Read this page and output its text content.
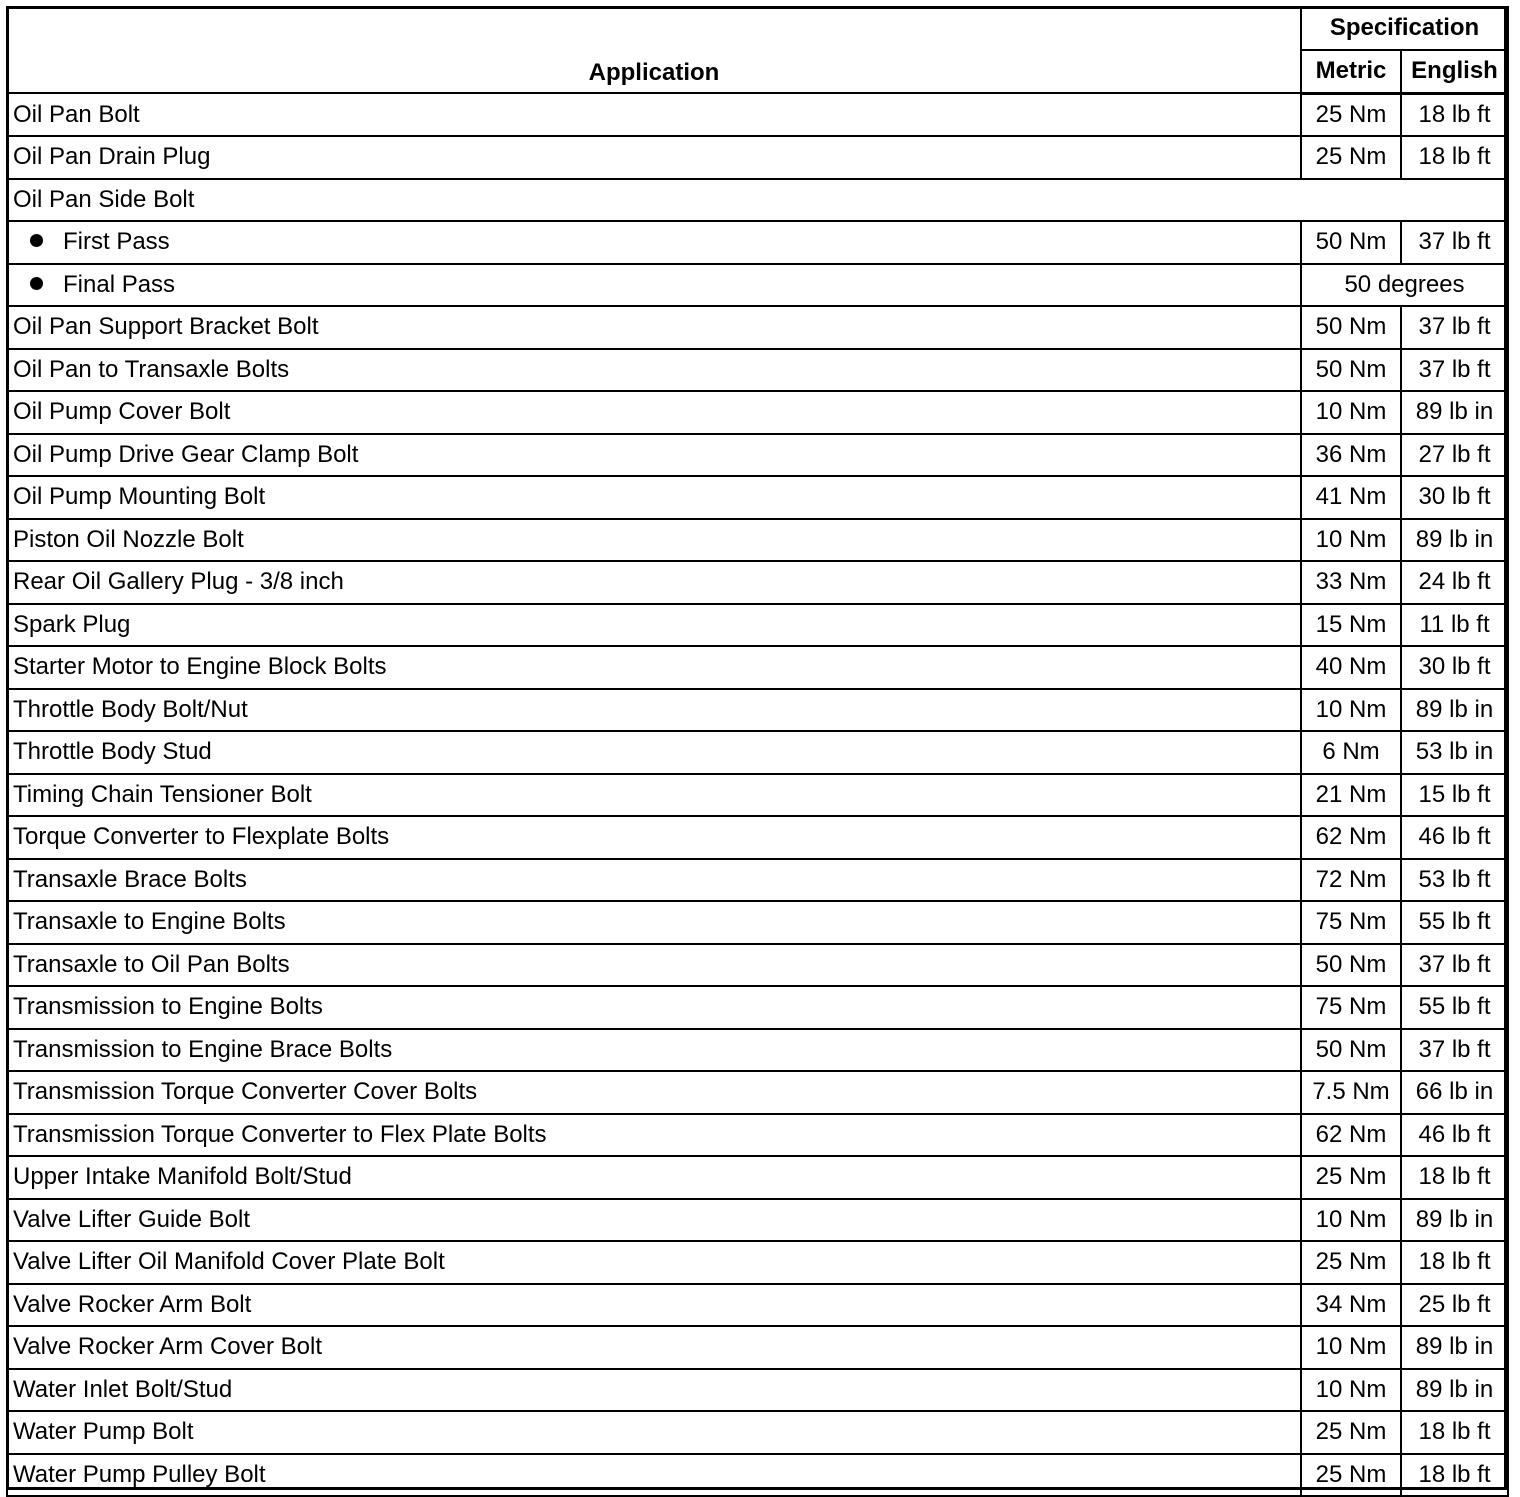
Application	Specification	
	Metric	English
Oil Pan Bolt	25 Nm	18 lb ft
Oil Pan Drain Plug	25 Nm	18 lb ft
Oil Pan Side Bolt		
First Pass	50 Nm	37 lb ft
Final Pass	50 degrees	
Oil Pan Support Bracket Bolt	50 Nm	37 lb ft
Oil Pan to Transaxle Bolts	50 Nm	37 lb ft
Oil Pump Cover Bolt	10 Nm	89 lb in
Oil Pump Drive Gear Clamp Bolt	36 Nm	27 lb ft
Oil Pump Mounting Bolt	41 Nm	30 lb ft
Piston Oil Nozzle Bolt	10 Nm	89 lb in
Rear Oil Gallery Plug - 3/8 inch	33 Nm	24 lb ft
Spark Plug	15 Nm	11 lb ft
Starter Motor to Engine Block Bolts	40 Nm	30 lb ft
Throttle Body Bolt/Nut	10 Nm	89 lb in
Throttle Body Stud	6 Nm	53 lb in
Timing Chain Tensioner Bolt	21 Nm	15 lb ft
Torque Converter to Flexplate Bolts	62 Nm	46 lb ft
Transaxle Brace Bolts	72 Nm	53 lb ft
Transaxle to Engine Bolts	75 Nm	55 lb ft
Transaxle to Oil Pan Bolts	50 Nm	37 lb ft
Transmission to Engine Bolts	75 Nm	55 lb ft
Transmission to Engine Brace Bolts	50 Nm	37 lb ft
Transmission Torque Converter Cover Bolts	7.5 Nm	66 lb in
Transmission Torque Converter to Flex Plate Bolts	62 Nm	46 lb ft
Upper Intake Manifold Bolt/Stud	25 Nm	18 lb ft
Valve Lifter Guide Bolt	10 Nm	89 lb in
Valve Lifter Oil Manifold Cover Plate Bolt	25 Nm	18 lb ft
Valve Rocker Arm Bolt	34 Nm	25 lb ft
Valve Rocker Arm Cover Bolt	10 Nm	89 lb in
Water Inlet Bolt/Stud	10 Nm	89 lb in
Water Pump Bolt	25 Nm	18 lb ft
Water Pump Pulley Bolt	25 Nm	18 lb ft
